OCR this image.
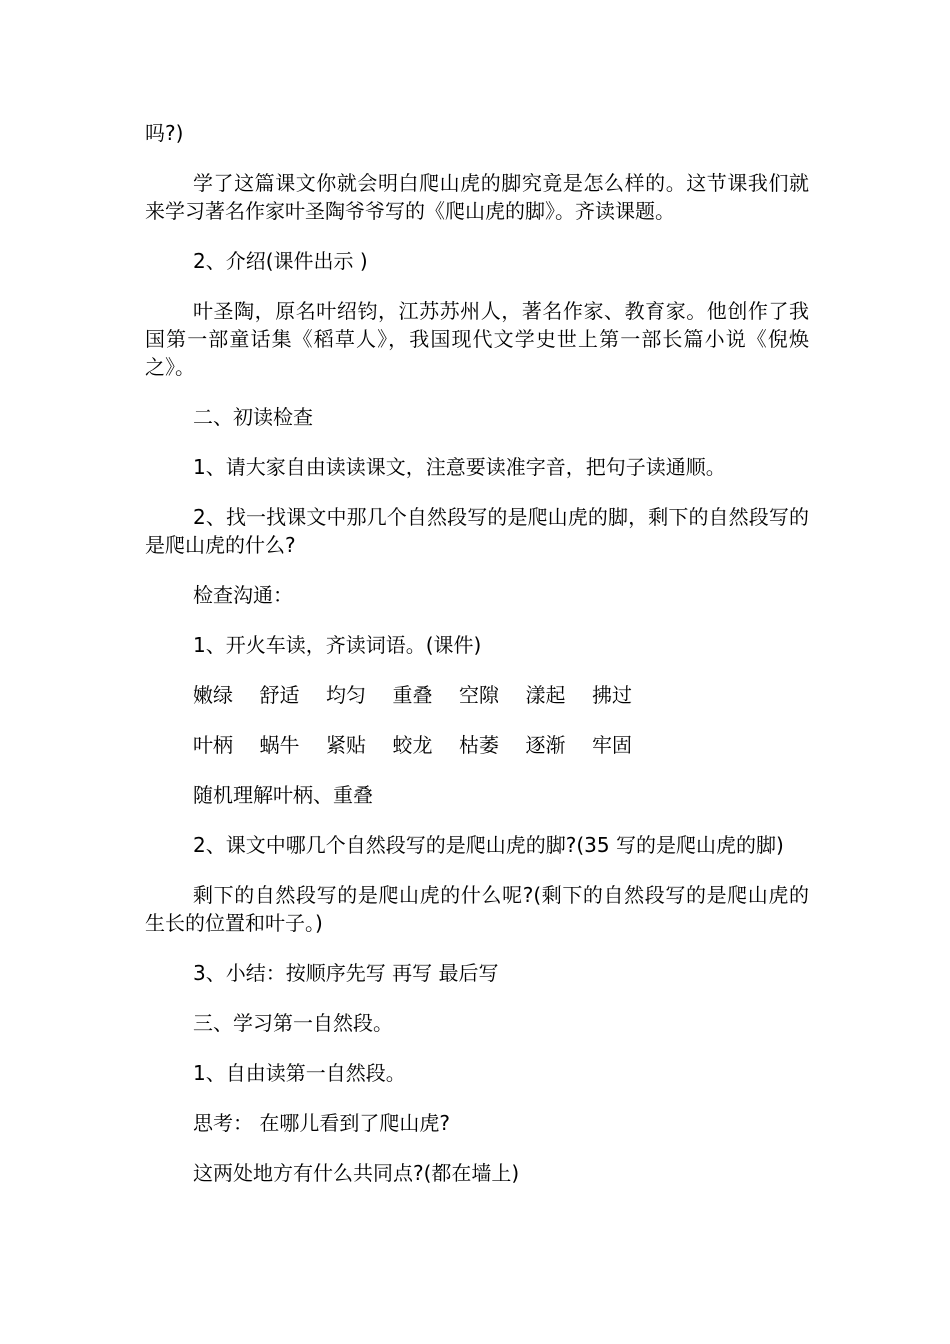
吗?)

学了这篇课文你就会明白爬山虎的脚究竟是怎么样的。这节课我们就来学习著名作家叶圣陶爷爷写的《爬山虎的脚》。齐读课题。

2、介绍(课件出示 )

叶圣陶，原名叶绍钧，江苏苏州人，著名作家、教育家。他创作了我国第一部童话集《稻草人》，我国现代文学史世上第一部长篇小说《倪焕之》。

二、初读检查

1、请大家自由读读课文，注意要读准字音，把句子读通顺。

2、找一找课文中那几个自然段写的是爬山虎的脚，剩下的自然段写的是爬山虎的什么?

检查沟通：

1、开火车读，齐读词语。(课件)

嫩绿	舒适	均匀	重叠	空隙	漾起	拂过
叶柄	蜗牛	紧贴	蛟龙	枯萎	逐渐	牢固

随机理解叶柄、重叠

2、课文中哪几个自然段写的是爬山虎的脚?(35 写的是爬山虎的脚)

剩下的自然段写的是爬山虎的什么呢?(剩下的自然段写的是爬山虎的生长的位置和叶子。)

3、小结：按顺序先写 再写 最后写

三、学习第一自然段。

1、自由读第一自然段。

思考： 在哪儿看到了爬山虎?

这两处地方有什么共同点?(都在墙上)
